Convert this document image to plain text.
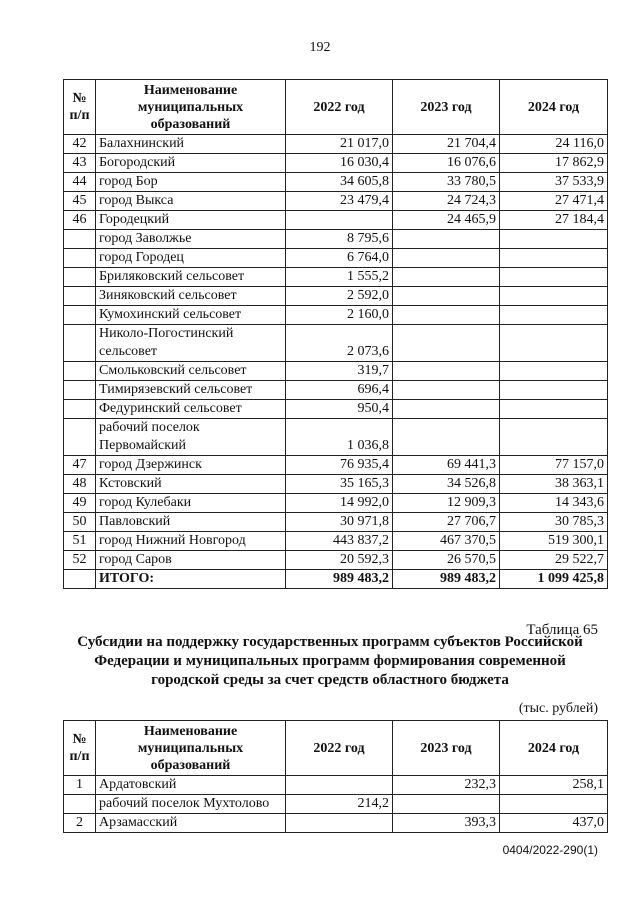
192
№ п/п	Наименование муниципальных образований	2022 год	2023 год	2024 год
42	Балахнинский	21 017,0	21 704,4	24 116,0
43	Богородский	16 030,4	16 076,6	17 862,9
44	город Бор	34 605,8	33 780,5	37 533,9
45	город Выкса	23 479,4	24 724,3	27 471,4
46	Городецкий		24 465,9	27 184,4
	город Заволжье	8 795,6		
	город Городец	6 764,0		
	Бриляковский сельсовет	1 555,2		
	Зиняковский сельсовет	2 592,0		
	Кумохинский сельсовет	2 160,0		
	Николо-Погостинский сельсовет	2 073,6		
	Смольковский сельсовет	319,7		
	Тимирязевский сельсовет	696,4		
	Федуринский сельсовет	950,4		
	рабочий поселок Первомайский	1 036,8		
47	город Дзержинск	76 935,4	69 441,3	77 157,0
48	Кстовский	35 165,3	34 526,8	38 363,1
49	город Кулебаки	14 992,0	12 909,3	14 343,6
50	Павловский	30 971,8	27 706,7	30 785,3
51	город Нижний Новгород	443 837,2	467 370,5	519 300,1
52	город Саров	20 592,3	26 570,5	29 522,7
	ИТОГО:	989 483,2	989 483,2	1 099 425,8
Таблица 65
Субсидии на поддержку государственных программ субъектов Российской Федерации и муниципальных программ формирования современной городской среды за счет средств областного бюджета
(тыс. рублей)
№ п/п	Наименование муниципальных образований	2022 год	2023 год	2024 год
1	Ардатовский		232,3	258,1
	рабочий поселок Мухтолово	214,2		
2	Арзамасский		393,3	437,0
0404/2022-290(1)
